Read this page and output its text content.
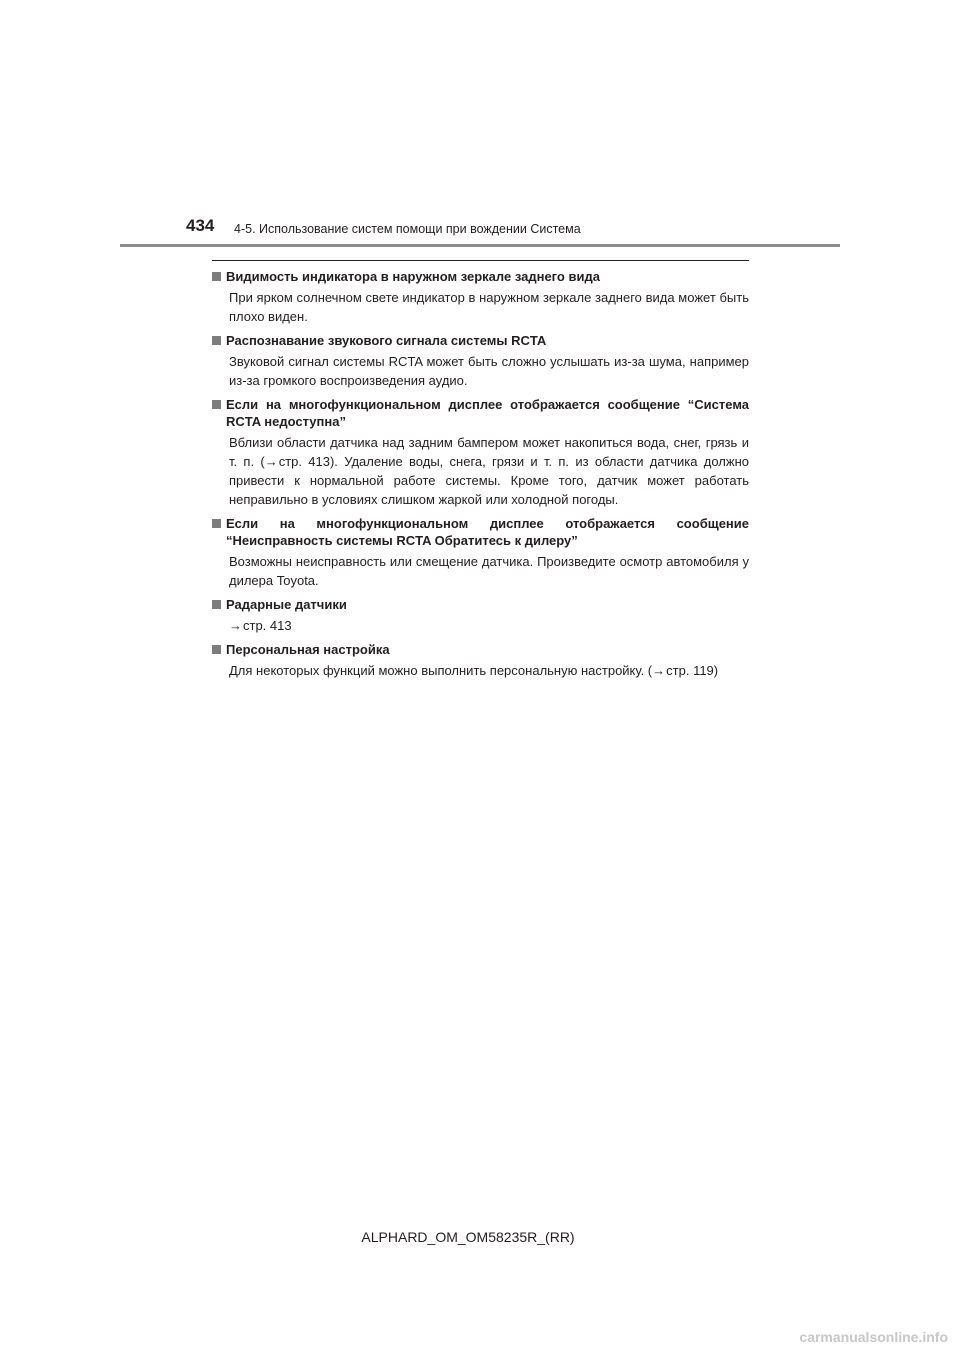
434 4-5. Использование систем помощи при вождении Система
Видимость индикатора в наружном зеркале заднего вида
При ярком солнечном свете индикатор в наружном зеркале заднего вида может быть плохо виден.
Распознавание звукового сигнала системы RCTA
Звуковой сигнал системы RCTA может быть сложно услышать из-за шума, например из-за громкого воспроизведения аудио.
Если на многофункциональном дисплее отображается сообщение “Система RCTA недоступна”
Вблизи области датчика над задним бампером может накопиться вода, снег, грязь и т. п. (→стр. 413). Удаление воды, снега, грязи и т. п. из области датчика должно привести к нормальной работе системы. Кроме того, датчик может работать неправильно в условиях слишком жаркой или холодной погоды.
Если на многофункциональном дисплее отображается сообщение “Неисправность системы RCTA Обратитесь к дилеру”
Возможны неисправность или смещение датчика. Произведите осмотр автомобиля у дилера Toyota.
Радарные датчики
→стр. 413
Персональная настройка
Для некоторых функций можно выполнить персональную настройку. (→стр. 119)
ALPHARD_OM_OM58235R_(RR)
carmanualsonline.info
